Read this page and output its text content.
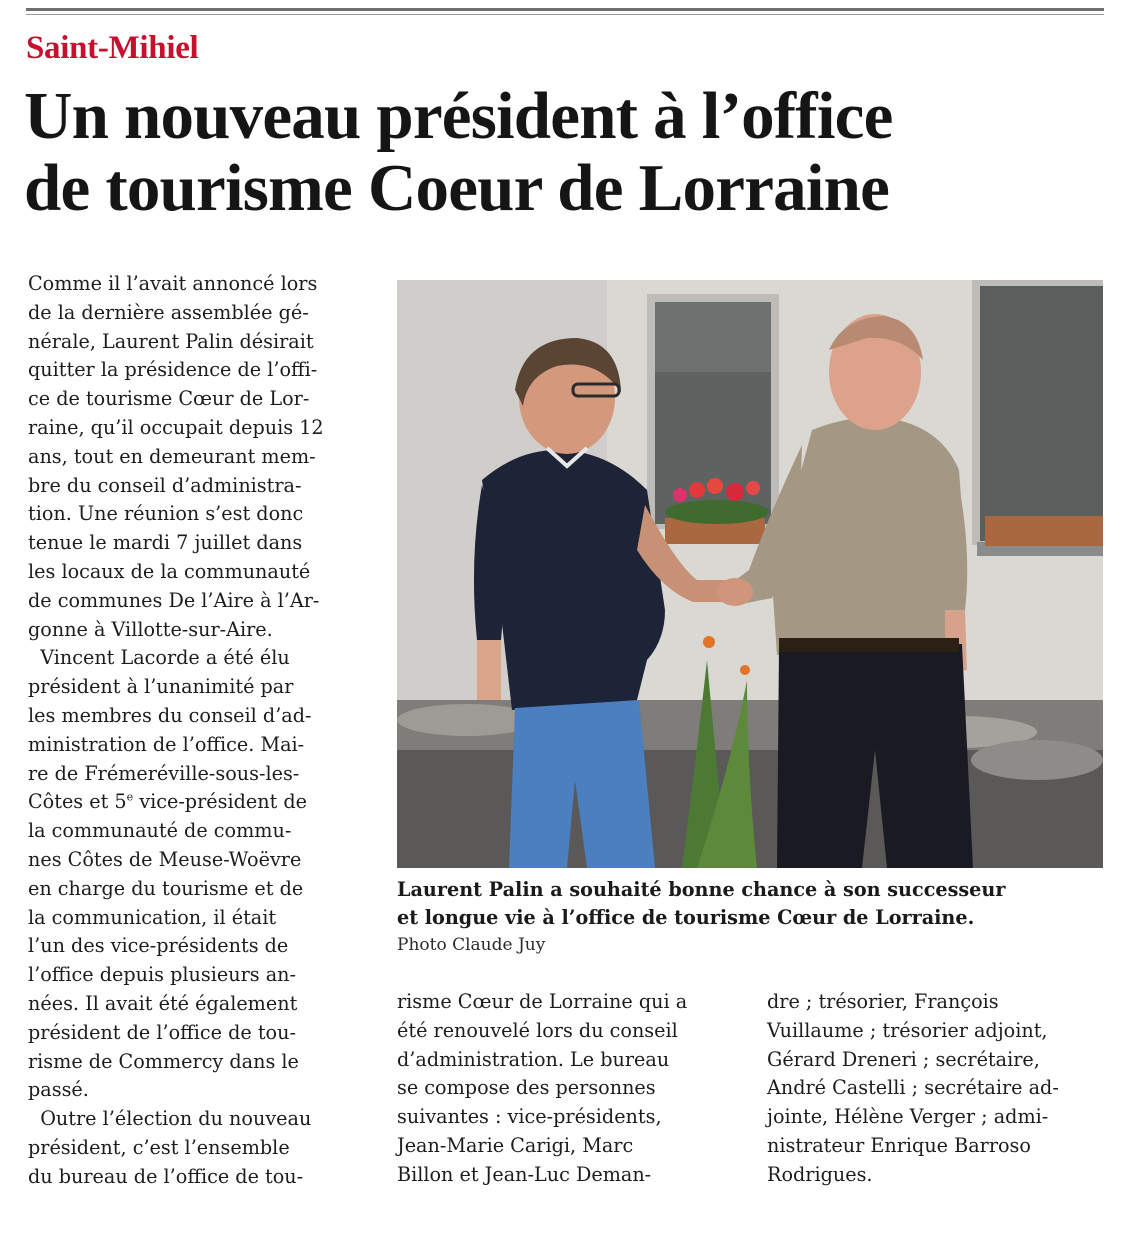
Saint-Mihiel
Un nouveau président à l’office
de tourisme Coeur de Lorraine
Comme il l’avait annoncé lors
de la dernière assemblée gé-
nérale, Laurent Palin désirait
quitter la présidence de l’offi-
ce de tourisme Cœur de Lor-
raine, qu’il occupait depuis 12
ans, tout en demeurant mem-
bre du conseil d’administra-
tion. Une réunion s’est donc
tenue le mardi 7 juillet dans
les locaux de la communauté
de communes De l’Aire à l’Ar-
gonne à Villotte-sur-Aire.
Vincent Lacorde a été élu
président à l’unanimité par
les membres du conseil d’ad-
ministration de l’office. Mai-
re de Frémeréville-sous-les-
Côtes et 5e vice-président de
la communauté de commu-
nes Côtes de Meuse-Woëvre
en charge du tourisme et de
la communication, il était
l’un des vice-présidents de
l’office depuis plusieurs an-
nées. Il avait été également
président de l’office de tou-
risme de Commercy dans le
passé.
Outre l’élection du nouveau
président, c’est l’ensemble
du bureau de l’office de tou-
Laurent Palin a souhaité bonne chance à son successeur
et longue vie à l’office de tourisme Cœur de Lorraine.
Photo Claude Juy
risme Cœur de Lorraine qui a
été renouvelé lors du conseil
d’administration. Le bureau
se compose des personnes
suivantes : vice-présidents,
Jean-Marie Carigi, Marc
Billon et Jean-Luc Deman-
dre ; trésorier, François
Vuillaume ; trésorier adjoint,
Gérard Dreneri ; secrétaire,
André Castelli ; secrétaire ad-
jointe, Hélène Verger ; admi-
nistrateur Enrique Barroso
Rodrigues.
